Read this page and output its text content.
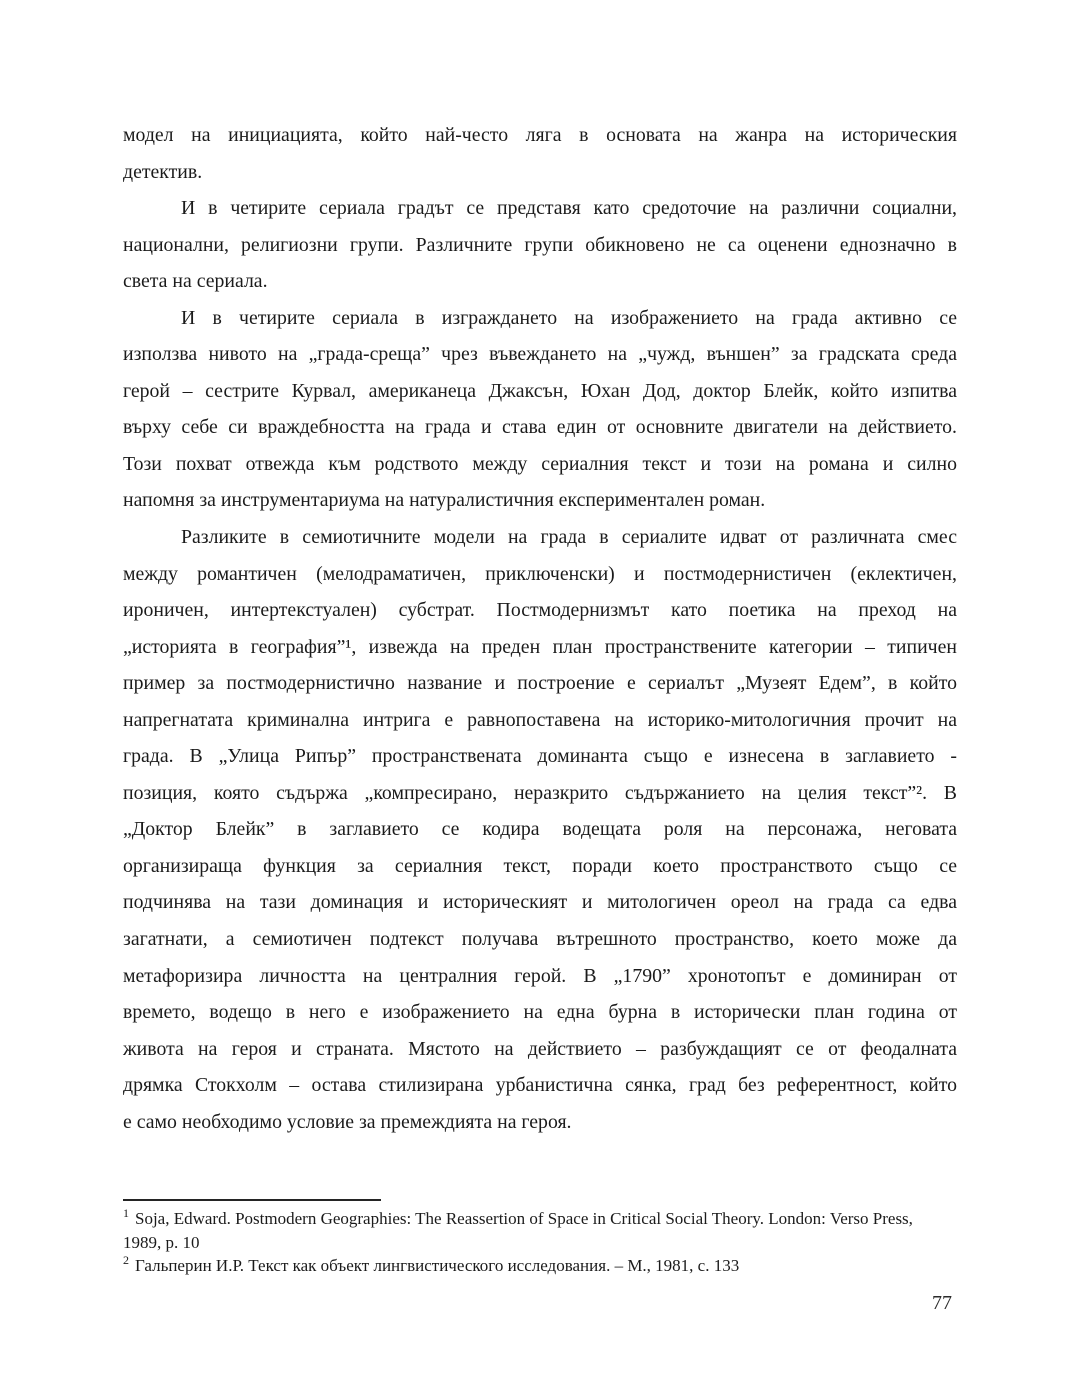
модел на инициацията, който най-често ляга в основата на жанра на историческия
детектив.
И в четирите сериала градът се представя като средоточие на различни социални,
национални, религиозни групи. Различните групи обикновено не са оценени еднозначно в
света на сериала.
И в четирите сериала в изграждането на изображението на града активно се
използва нивото на „града-среща” чрез въвеждането на „чужд, външен” за градската среда
герой – сестрите Курвал, американеца Джаксън, Юхан Дод, доктор Блейк, който изпитва
върху себе си враждебността на града и става един от основните двигатели на действието.
Този похват отвежда към родството между сериалния текст и този на романа и силно
напомня за инструментариума на натуралистичния експериментален роман.
Разликите в семиотичните модели на града в сериалите идват от различната смес
между романтичен (мелодраматичен, приключенски) и постмодернистичен (еклектичен,
ироничен, интертекстуален) субстрат. Постмодернизмът като поетика на преход на
„историята в география”¹, извежда на преден план пространствените категории – типичен
пример за постмодернистично название и построение е сериалът „Музеят Едем”, в който
напрегнатата криминална интрига е равнопоставена на историко-митологичния прочит на
града. В „Улица Рипър” пространствената доминанта също е изнесена в заглавието -
позиция, която съдържа „компресирано, неразкрито съдържанието на целия текст”². В
„Доктор Блейк” в заглавието се кодира водещата роля на персонажа, неговата
организираща функция за сериалния текст, поради което пространството също се
подчинява на тази доминация и историческият и митологичен ореол на града са едва
загатнати, а семиотичен подтекст получава вътрешното пространство, което може да
метафоризира личността на централния герой. В „1790” хронотопът е доминиран от
времето, водещо в него е изображението на една бурна в исторически план година от
живота на героя и страната. Мястото на действието – разбуждащият се от феодалната
дрямка Стокхолм – остава стилизирана урбанистична сянка, град без референтност, който
е само необходимо условие за премеждията на героя.
$^1$ Soja, Edward. Postmodern Geographies: The Reassertion of Space in Critical Social Theory. London: Verso Press,
1989, p. 10
$^2$ Гальперин И.Р. Текст как объект лингвистического исследования. – М., 1981, с. 133
77
